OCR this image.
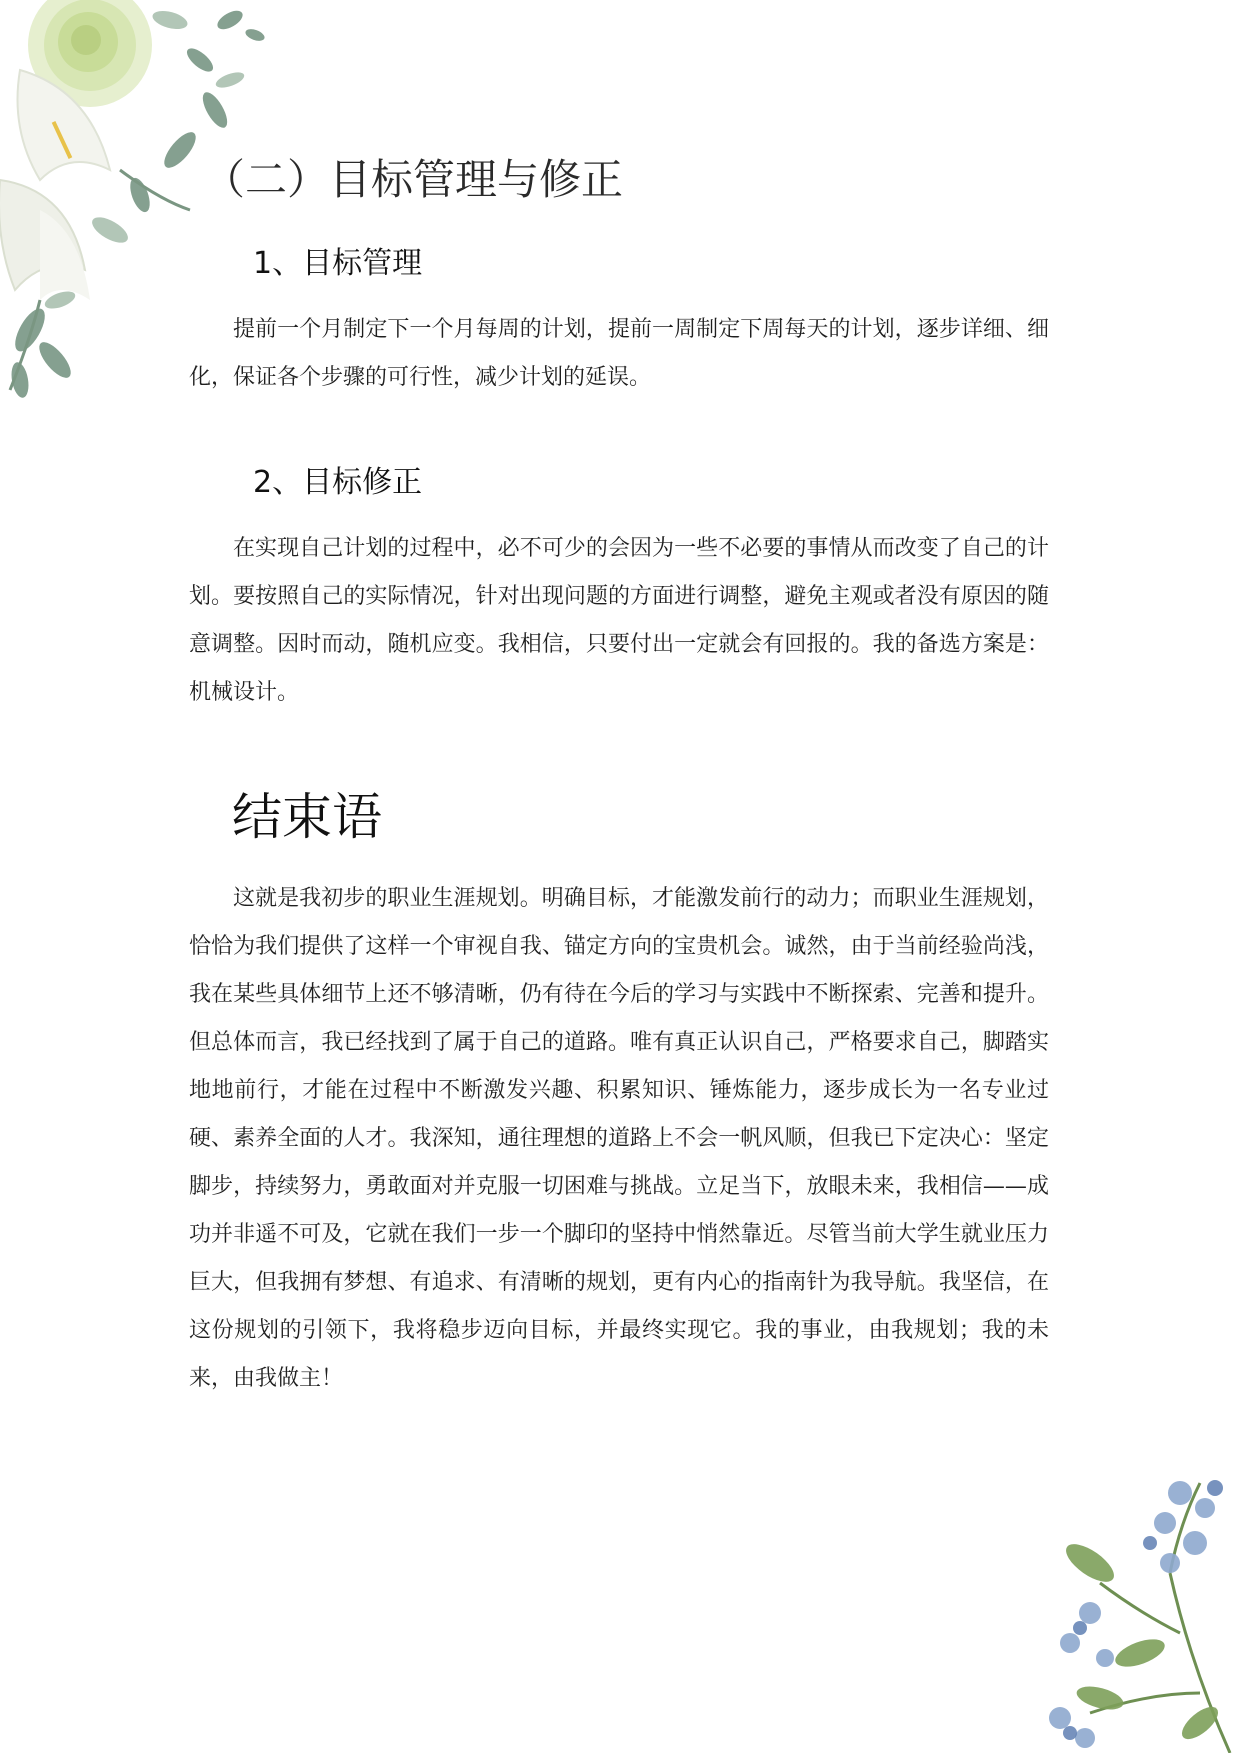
（二）目标管理与修正
1、目标管理

提前一个月制定下一个月每周的计划，提前一周制定下周每天的计划，逐步详细、细化，保证各个步骤的可行性，减少计划的延误。

2、目标修正

在实现自己计划的过程中，必不可少的会因为一些不必要的事情从而改变了自己的计划。要按照自己的实际情况，针对出现问题的方面进行调整，避免主观或者没有原因的随意调整。因时而动，随机应变。我相信，只要付出一定就会有回报的。我的备选方案是：机械设计。

结束语

这就是我初步的职业生涯规划。明确目标，才能激发前行的动力；而职业生涯规划，恰恰为我们提供了这样一个审视自我、锚定方向的宝贵机会。诚然，由于当前经验尚浅，我在某些具体细节上还不够清晰，仍有待在今后的学习与实践中不断探索、完善和提升。但总体而言，我已经找到了属于自己的道路。唯有真正认识自己，严格要求自己，脚踏实地地前行，才能在过程中不断激发兴趣、积累知识、锤炼能力，逐步成长为一名专业过硬、素养全面的人才。我深知，通往理想的道路上不会一帆风顺，但我已下定决心：坚定脚步，持续努力，勇敢面对并克服一切困难与挑战。立足当下，放眼未来，我相信——成功并非遥不可及，它就在我们一步一个脚印的坚持中悄然靠近。尽管当前大学生就业压力巨大，但我拥有梦想、有追求、有清晰的规划，更有内心的指南针为我导航。我坚信，在这份规划的引领下，我将稳步迈向目标，并最终实现它。我的事业，由我规划；我的未来，由我做主！
